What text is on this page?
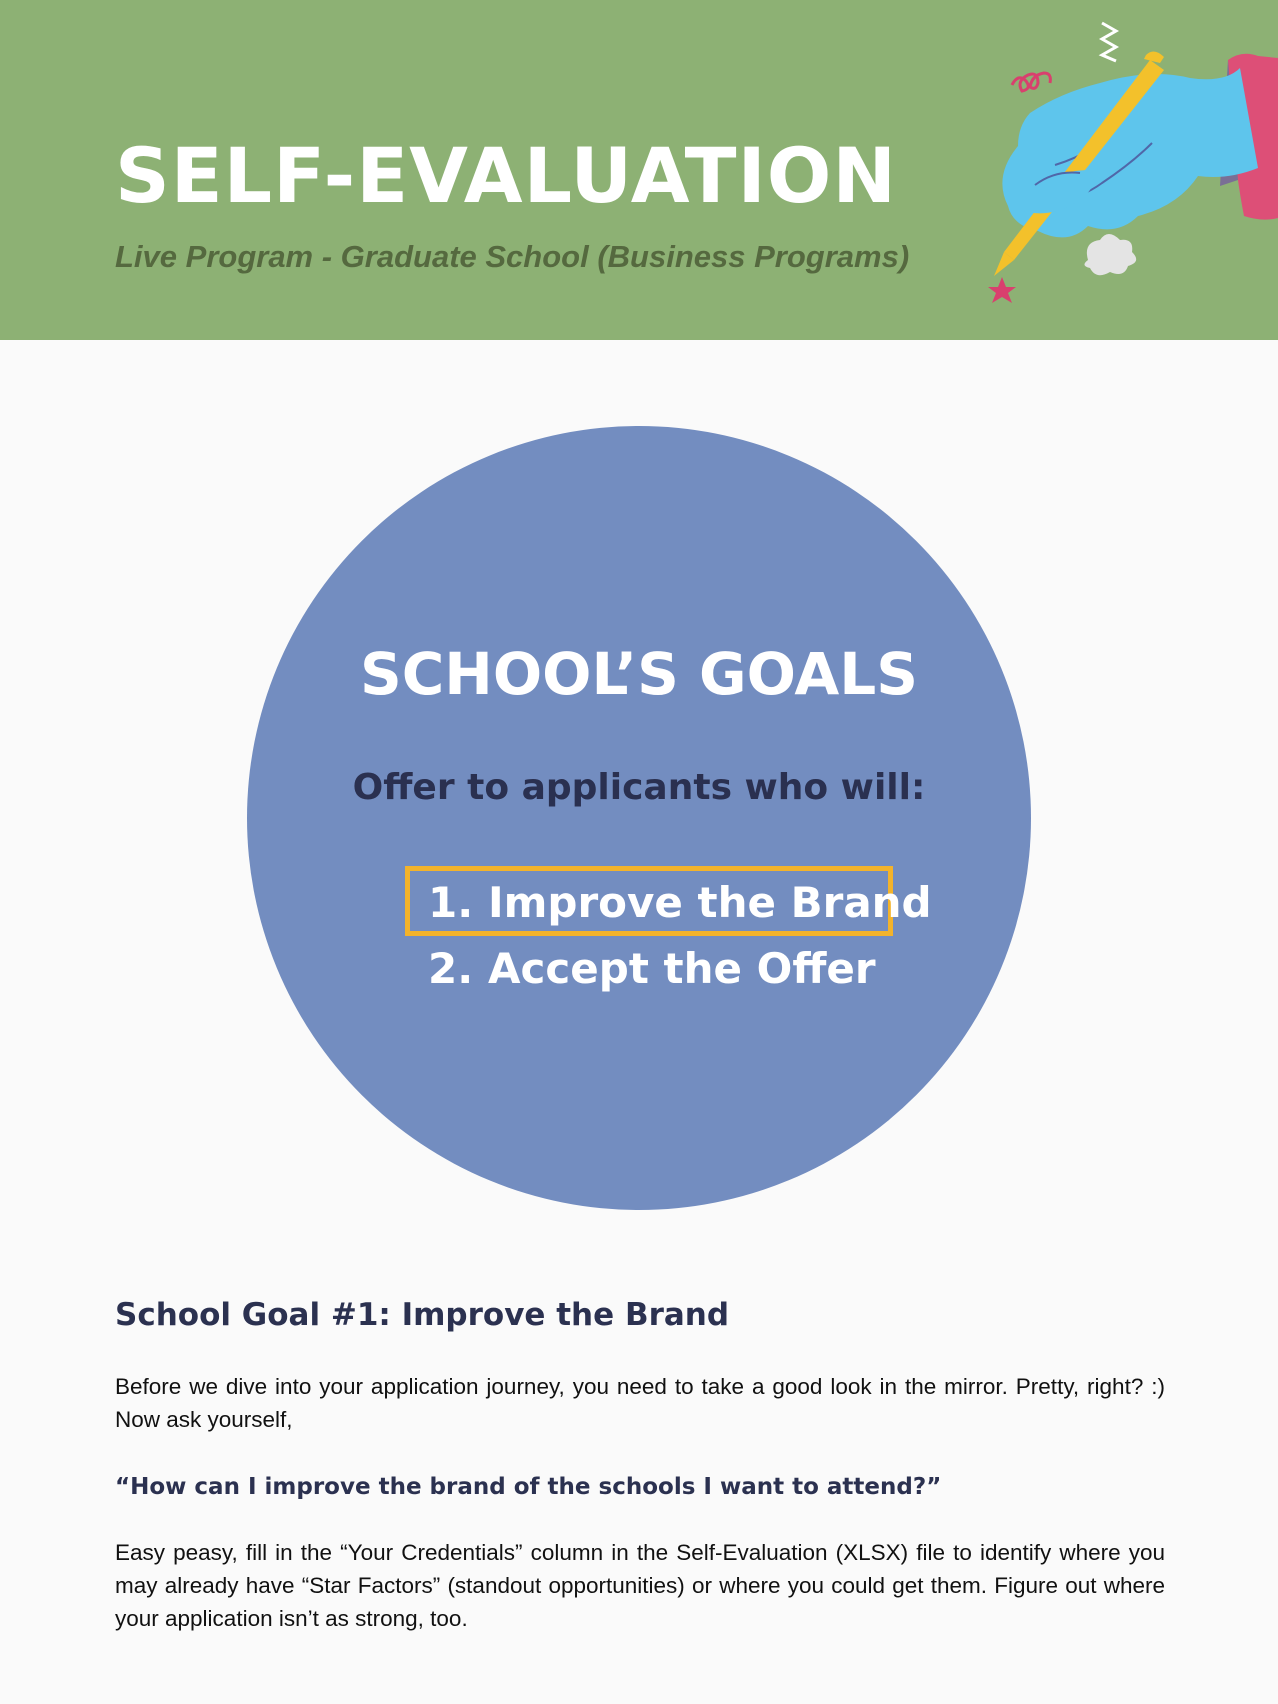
SELF-EVALUATION

Live Program - Graduate School (Business Programs)

SCHOOL’S GOALS
Offer to applicants who will:
1. Improve the Brand
2. Accept the Offer
School Goal #1: Improve the Brand

Before we dive into your application journey, you need to take a good look in the mirror. Pretty, right? :) Now ask yourself,

“How can I improve the brand of the schools I want to attend?”

Easy peasy, fill in the “Your Credentials” column in the Self-Evaluation (XLSX) file to identify where you may already have “Star Factors” (standout opportunities) or where you could get them. Figure out where your application isn’t as strong, too.
